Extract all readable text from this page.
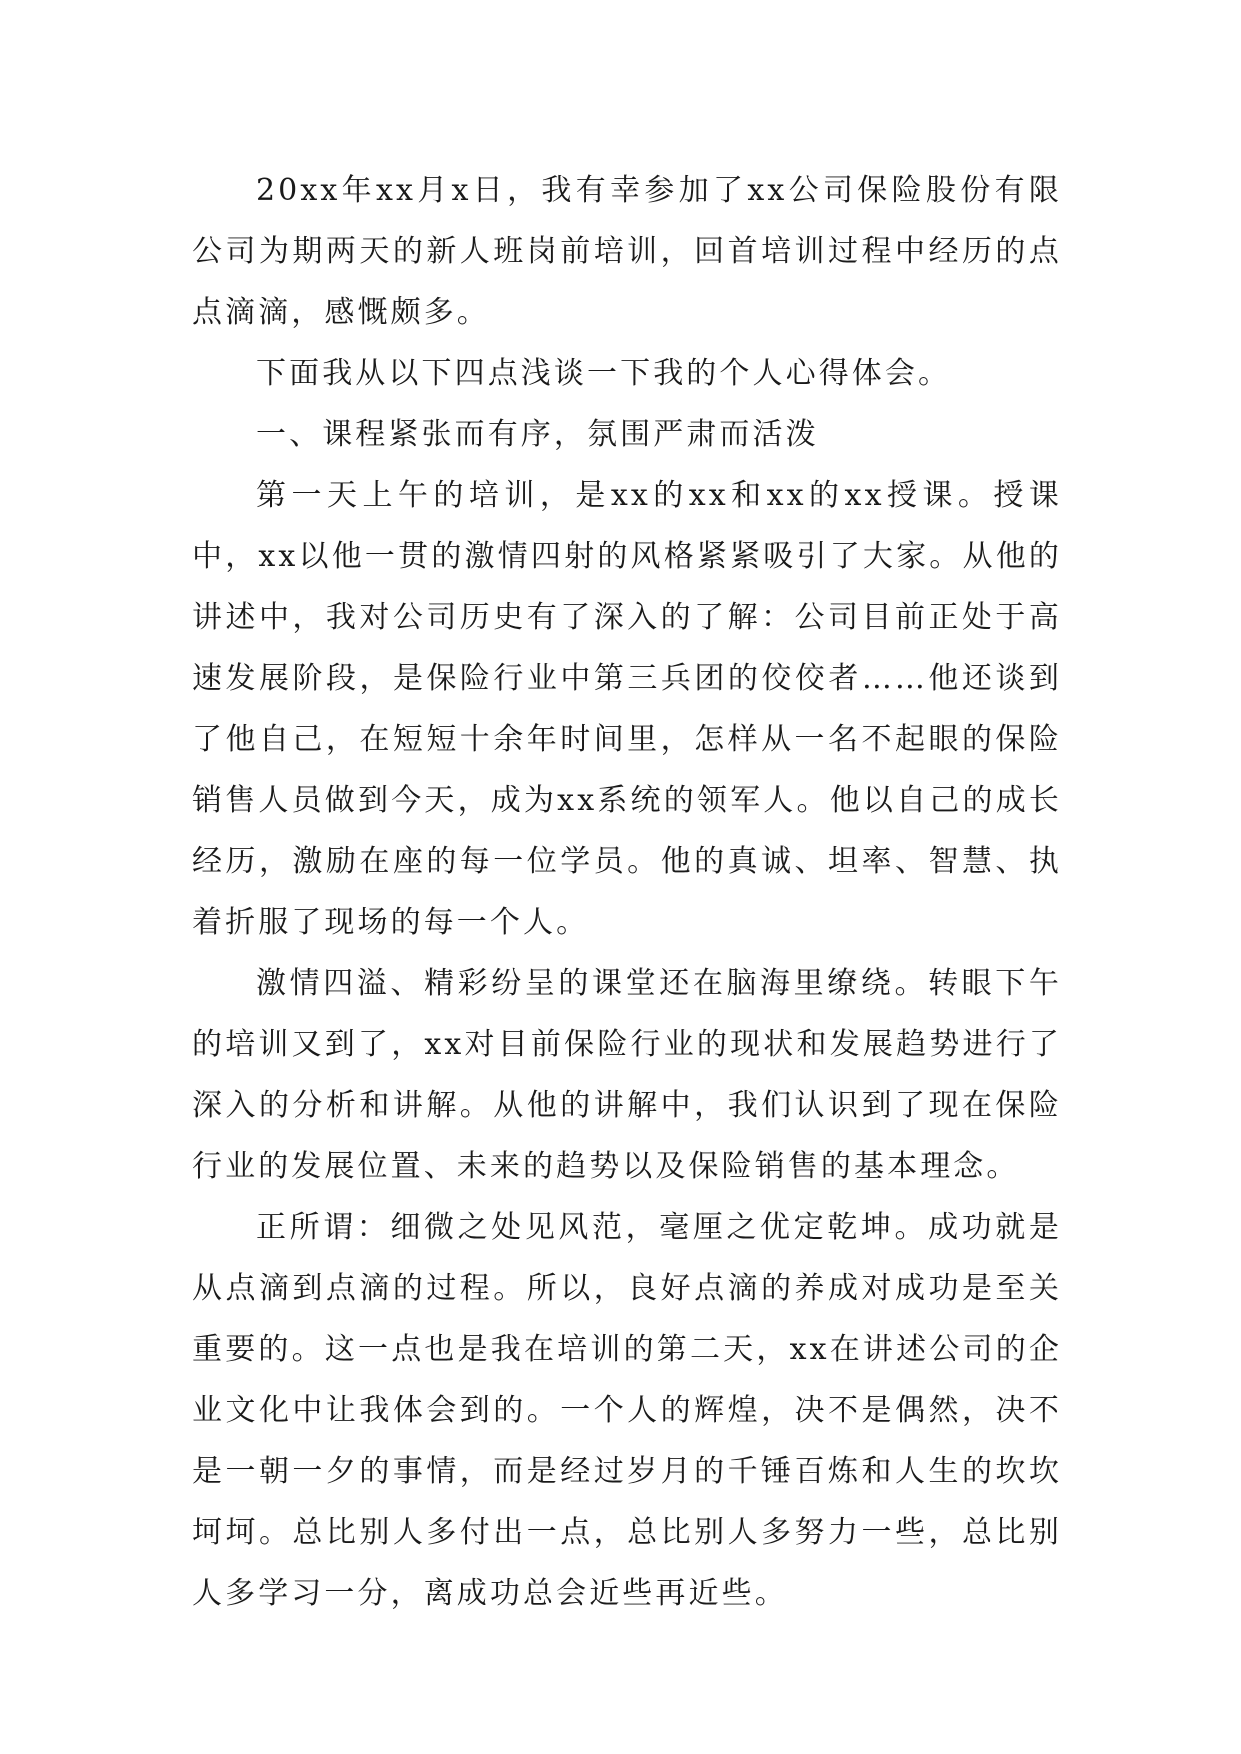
20xx年xx月x日，我有幸参加了xx公司保险股份有限公司为期两天的新人班岗前培训，回首培训过程中经历的点点滴滴，感慨颇多。

下面我从以下四点浅谈一下我的个人心得体会。

一、课程紧张而有序，氛围严肃而活泼

第一天上午的培训，是xx的xx和xx的xx授课。授课中，xx以他一贯的激情四射的风格紧紧吸引了大家。从他的讲述中，我对公司历史有了深入的了解：公司目前正处于高速发展阶段，是保险行业中第三兵团的佼佼者……他还谈到了他自己，在短短十余年时间里，怎样从一名不起眼的保险销售人员做到今天，成为xx系统的领军人。他以自己的成长经历，激励在座的每一位学员。他的真诚、坦率、智慧、执着折服了现场的每一个人。

激情四溢、精彩纷呈的课堂还在脑海里缭绕。转眼下午的培训又到了，xx对目前保险行业的现状和发展趋势进行了深入的分析和讲解。从他的讲解中，我们认识到了现在保险行业的发展位置、未来的趋势以及保险销售的基本理念。

正所谓：细微之处见风范，毫厘之优定乾坤。成功就是从点滴到点滴的过程。所以，良好点滴的养成对成功是至关重要的。这一点也是我在培训的第二天，xx在讲述公司的企业文化中让我体会到的。一个人的辉煌，决不是偶然，决不是一朝一夕的事情，而是经过岁月的千锤百炼和人生的坎坎坷坷。总比别人多付出一点，总比别人多努力一些，总比别人多学习一分，离成功总会近些再近些。
